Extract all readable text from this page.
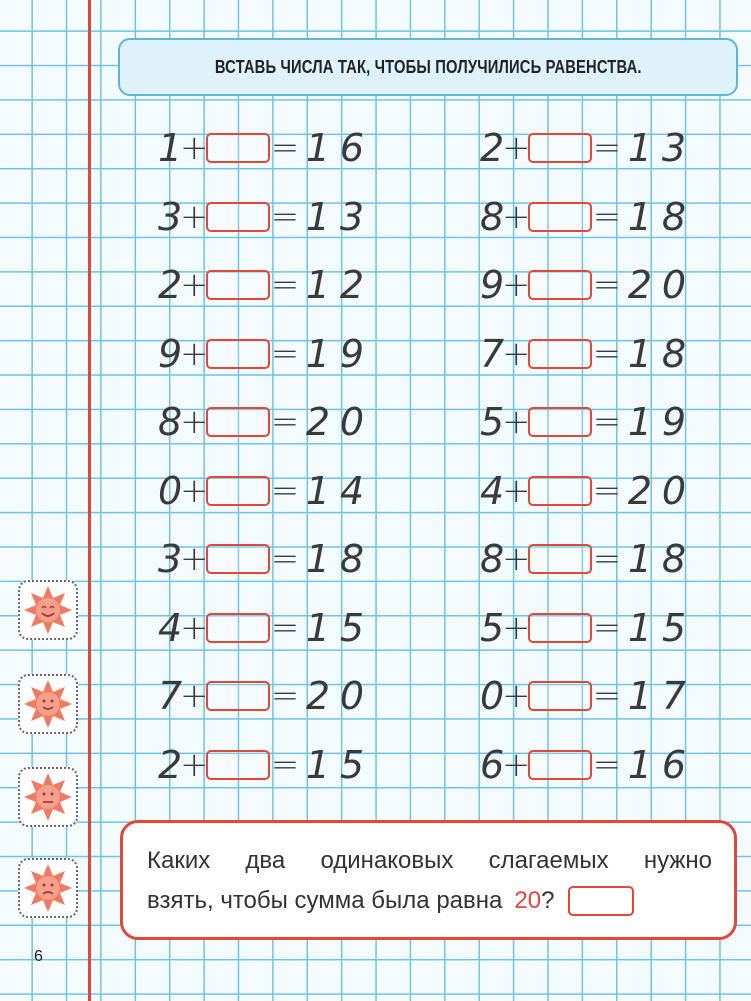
ВСТАВЬ ЧИСЛА ТАК, ЧТОБЫ ПОЛУЧИЛИСЬ РАВЕНСТВА.
1
+ = 1 6
3
+ = 1 3
2
+ = 1 2
9
+ = 1 9
8
+ = 2 0
0
+ = 1 4
3
+ = 1 8
4
+ = 1 5
7
+ = 2 0
2
+ = 1 5
2
+ = 1 3
8
+ = 1 8
9
+ = 2 0
7
+ = 1 8
5
+ = 1 9
4
+ = 2 0
8
+ = 1 8
5
+ = 1 5
0
+ = 1 7
6
+ = 1 6
Каких два одинаковых слагаемых нужно
взять, чтобы сумма была равна 20?
6
